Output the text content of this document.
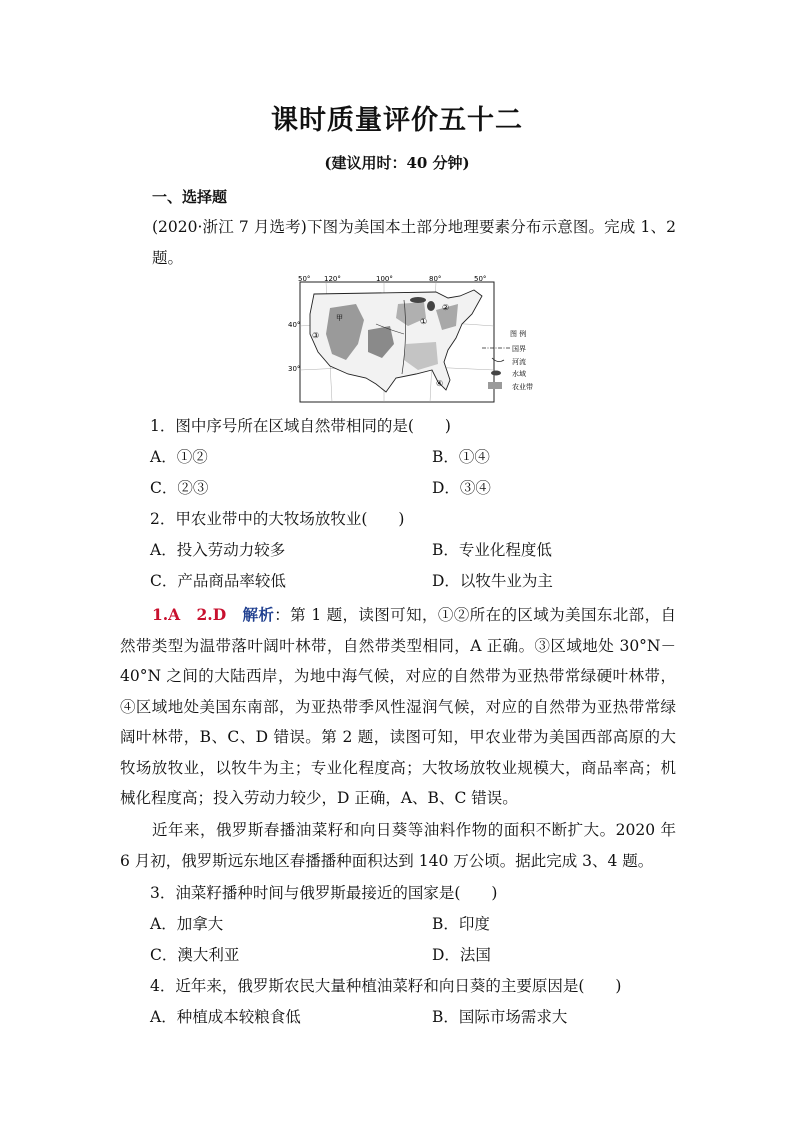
课时质量评价五十二
(建议用时：40 分钟)
一、选择题
(2020·浙江 7 月选考)下图为美国本土部分地理要素分布示意图。完成 1、2 题。
50° 120°	100°	80°	50°
40°
30°
甲	①
②
③
④
图 例
国界
河流
水域
农业带
1．图中序号所在区域自然带相同的是(　　)
A．①②	B．①④
C．②③	D．③④
2．甲农业带中的大牧场放牧业(　　)
A．投入劳动力较多	B．专业化程度低
C．产品商品率较低	D．以牧牛业为主
1.A　2.D　解析：第 1 题，读图可知，①②所在的区域为美国东北部，自然带类型为温带落叶阔叶林带，自然带类型相同，A 正确。③区域地处 30°N－40°N 之间的大陆西岸，为地中海气候，对应的自然带为亚热带常绿硬叶林带，④区域地处美国东南部，为亚热带季风性湿润气候，对应的自然带为亚热带常绿阔叶林带，B、C、D 错误。第 2 题，读图可知，甲农业带为美国西部高原的大牧场放牧业，以牧牛为主；专业化程度高；大牧场放牧业规模大，商品率高；机械化程度高；投入劳动力较少，D 正确，A、B、C 错误。
近年来，俄罗斯春播油菜籽和向日葵等油料作物的面积不断扩大。2020 年 6 月初，俄罗斯远东地区春播播种面积达到 140 万公顷。据此完成 3、4 题。
3．油菜籽播种时间与俄罗斯最接近的国家是(　　)
A．加拿大	B．印度
C．澳大利亚	D．法国
4．近年来，俄罗斯农民大量种植油菜籽和向日葵的主要原因是(　　)
A．种植成本较粮食低	B．国际市场需求大
